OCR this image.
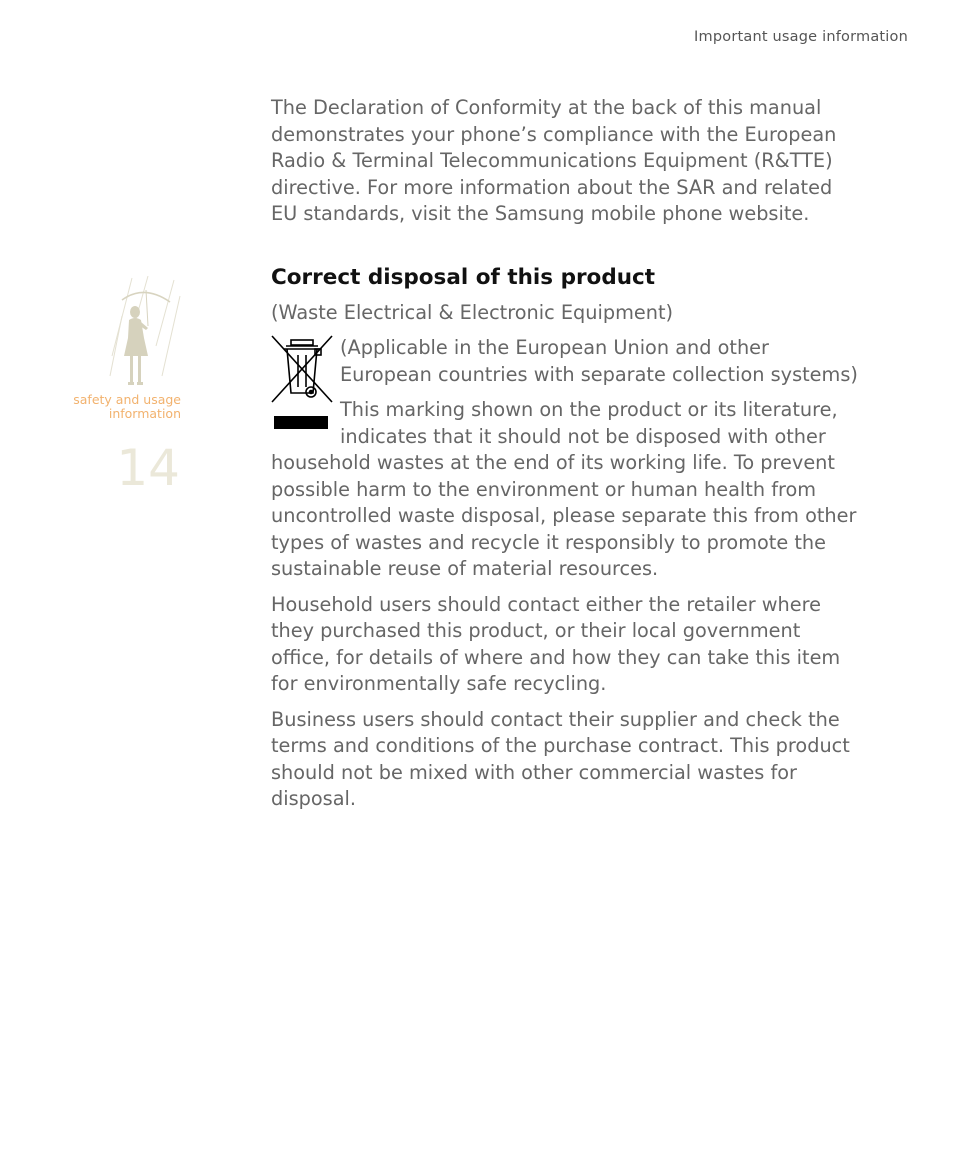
Important usage information
safety and usage information
14

The Declaration of Conformity at the back of this manual demonstrates your phone’s compliance with the European Radio & Terminal Telecommunications Equipment (R&TTE) directive. For more information about the SAR and related EU standards, visit the Samsung mobile phone website.

Correct disposal of this product

(Waste Electrical & Electronic Equipment)

(Applicable in the European Union and other European countries with separate collection systems)

This marking shown on the product or its literature, indicates that it should not be disposed with other household wastes at the end of its working life. To prevent possible harm to the environment or human health from uncontrolled waste disposal, please separate this from other types of wastes and recycle it responsibly to promote the sustainable reuse of material resources.

Household users should contact either the retailer where they purchased this product, or their local government office, for details of where and how they can take this item for environmentally safe recycling.

Business users should contact their supplier and check the terms and conditions of the purchase contract. This product should not be mixed with other commercial wastes for disposal.
